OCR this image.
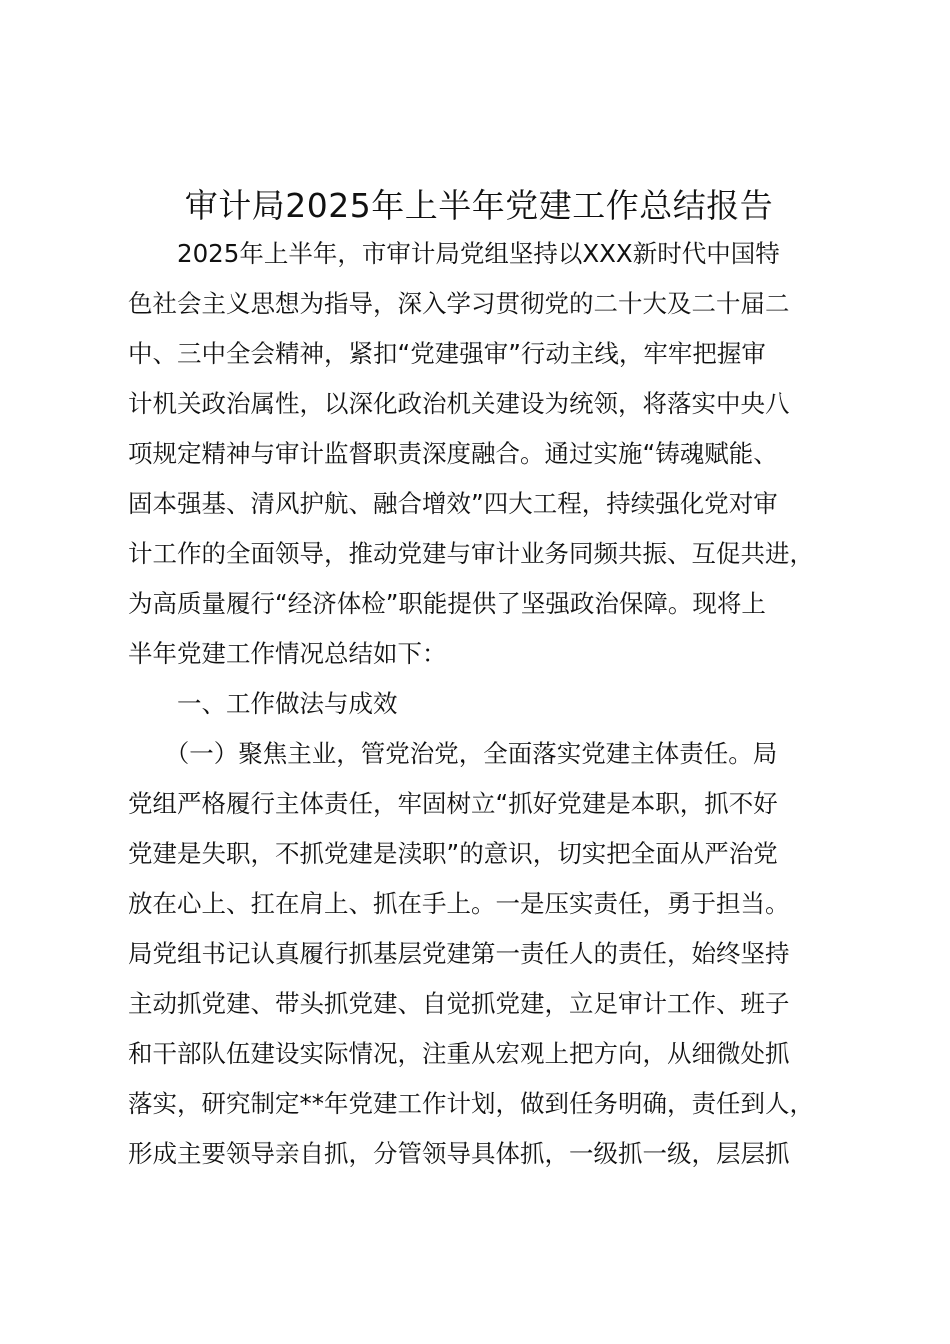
审计局2025年上半年党建工作总结报告
　　2025年上半年，市审计局党组坚持以XXX新时代中国特
色社会主义思想为指导，深入学习贯彻党的二十大及二十届二
中、三中全会精神，紧扣“党建强审”行动主线，牢牢把握审
计机关政治属性，以深化政治机关建设为统领，将落实中央八
项规定精神与审计监督职责深度融合。通过实施“铸魂赋能、
固本强基、清风护航、融合增效”四大工程，持续强化党对审
计工作的全面领导，推动党建与审计业务同频共振、互促共进，
为高质量履行“经济体检”职能提供了坚强政治保障。现将上
半年党建工作情况总结如下：
　　一、工作做法与成效
　　（一）聚焦主业，管党治党，全面落实党建主体责任。局
党组严格履行主体责任，牢固树立“抓好党建是本职，抓不好
党建是失职，不抓党建是渎职”的意识，切实把全面从严治党
放在心上、扛在肩上、抓在手上。一是压实责任，勇于担当。
局党组书记认真履行抓基层党建第一责任人的责任，始终坚持
主动抓党建、带头抓党建、自觉抓党建，立足审计工作、班子
和干部队伍建设实际情况，注重从宏观上把方向，从细微处抓
落实，研究制定**年党建工作计划，做到任务明确，责任到人，
形成主要领导亲自抓，分管领导具体抓，一级抓一级，层层抓
